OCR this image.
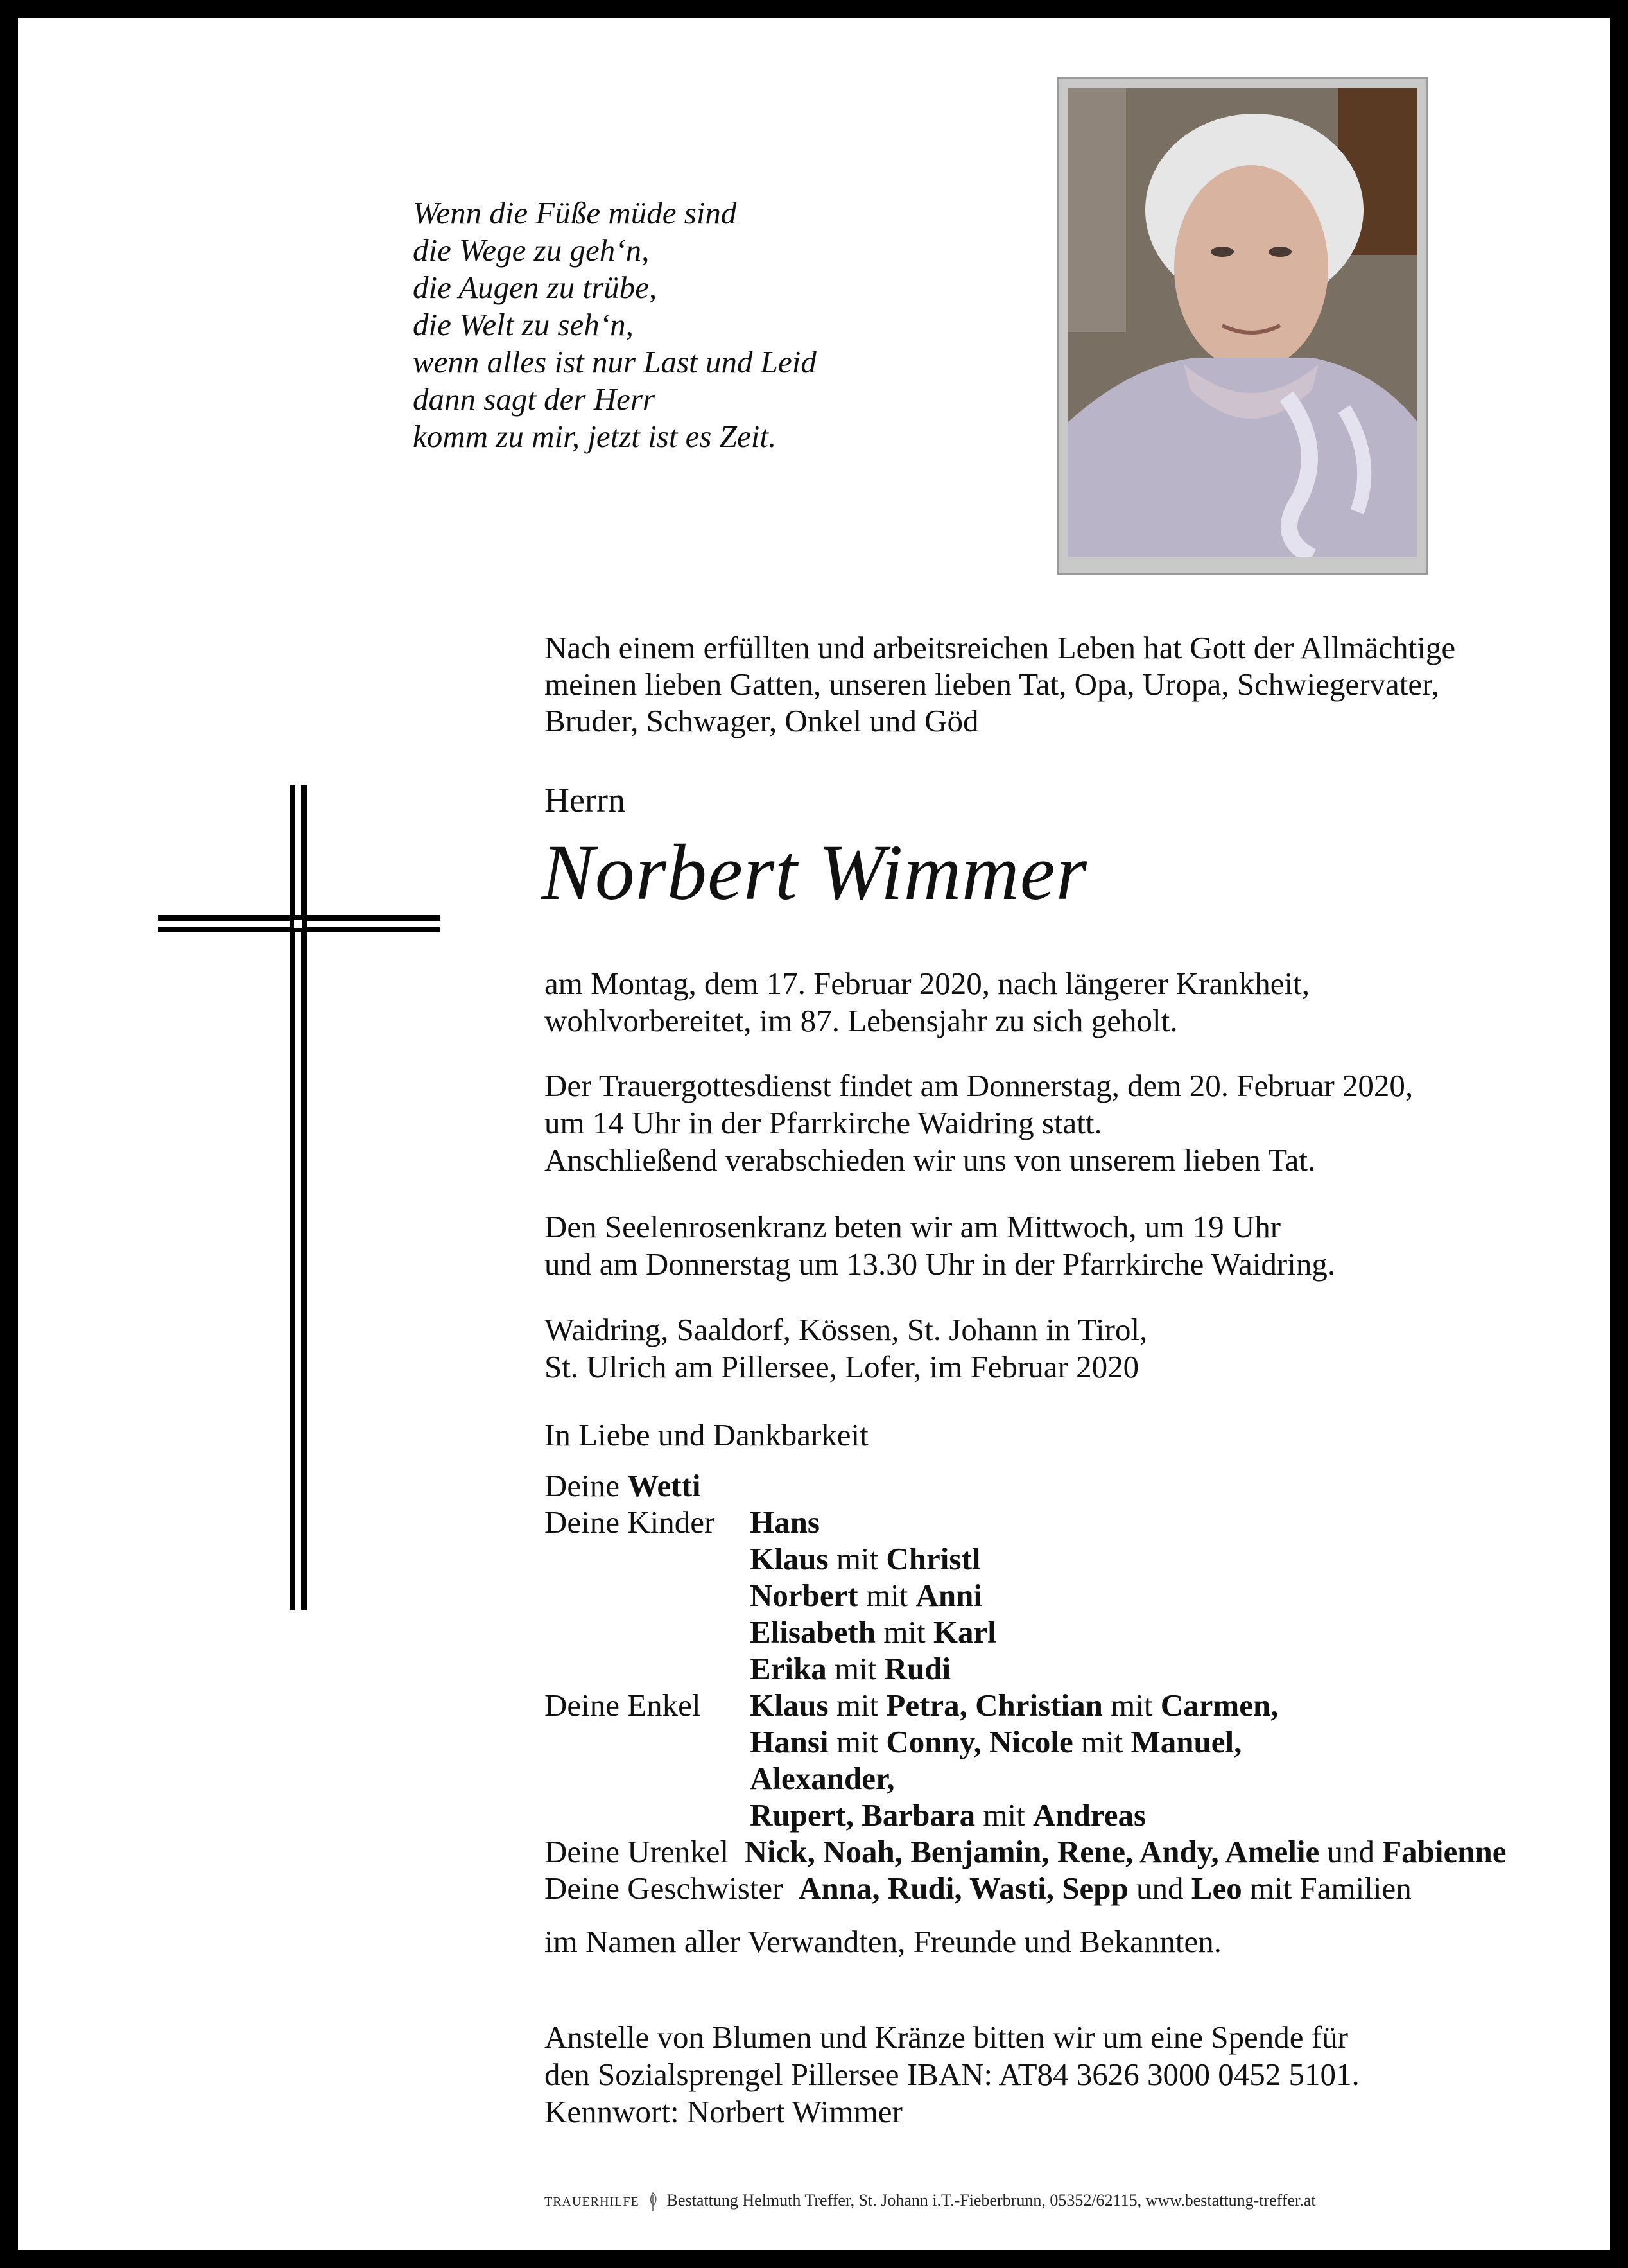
Wenn die Füße müde sind
die Wege zu geh‘n,
die Augen zu trübe,
die Welt zu seh‘n,
wenn alles ist nur Last und Leid
dann sagt der Herr
komm zu mir, jetzt ist es Zeit.
Nach einem erfüllten und arbeitsreichen Leben hat Gott der Allmächtige
meinen lieben Gatten, unseren lieben Tat, Opa, Uropa, Schwiegervater,
Bruder, Schwager, Onkel und Göd
Herrn
Norbert Wimmer
am Montag, dem 17. Februar 2020, nach längerer Krankheit,
wohlvorbereitet, im 87. Lebensjahr zu sich geholt.
Der Trauergottesdienst findet am Donnerstag, dem 20. Februar 2020,
um 14 Uhr in der Pfarrkirche Waidring statt.
Anschließend verabschieden wir uns von unserem lieben Tat.
Den Seelenrosenkranz beten wir am Mittwoch, um 19 Uhr
und am Donnerstag um 13.30 Uhr in der Pfarrkirche Waidring.
Waidring, Saaldorf, Kössen, St. Johann in Tirol,
St. Ulrich am Pillersee, Lofer, im Februar 2020
In Liebe und Dankbarkeit
Deine Wetti
Deine Kinder Hans
Klaus mit Christl
Norbert mit Anni
Elisabeth mit Karl
Erika mit Rudi
Deine Enkel Klaus mit Petra, Christian mit Carmen,
Hansi mit Conny, Nicole mit Manuel,
Alexander,
Rupert, Barbara mit Andreas
Deine Urenkel Nick, Noah, Benjamin, Rene, Andy, Amelie und Fabienne
Deine Geschwister Anna, Rudi, Wasti, Sepp und Leo mit Familien
im Namen aller Verwandten, Freunde und Bekannten.
Anstelle von Blumen und Kränze bitten wir um eine Spende für
den Sozialsprengel Pillersee IBAN: AT84 3626 3000 0452 5101.
Kennwort: Norbert Wimmer
TRAUERHILFE Bestattung Helmuth Treffer, St. Johann i.T.-Fieberbrunn, 05352/62115, www.bestattung-treffer.at
